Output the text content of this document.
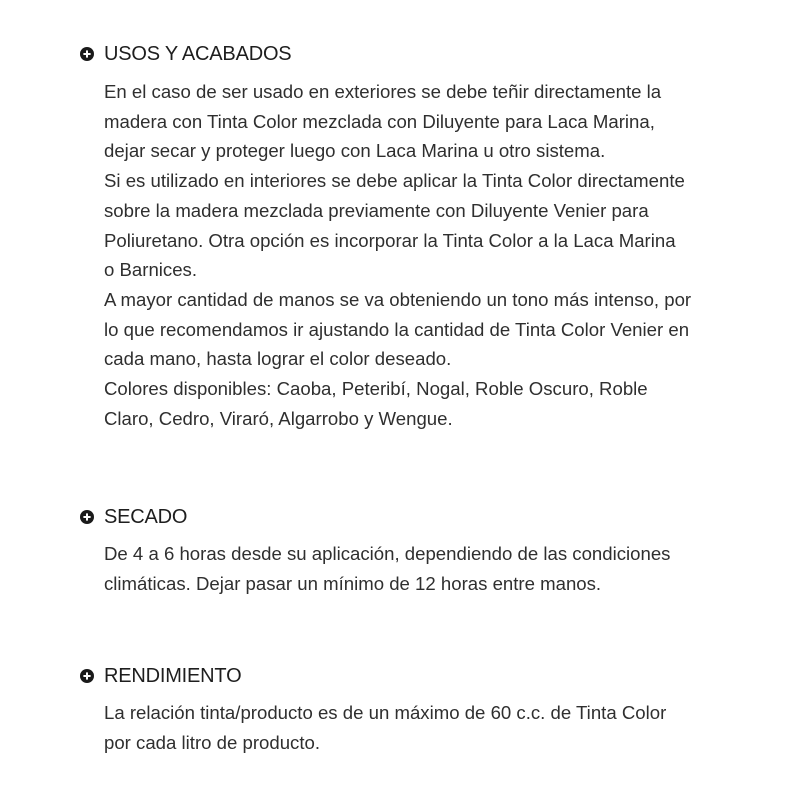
USOS Y ACABADOS

En el caso de ser usado en exteriores se debe teñir directamente la

madera con Tinta Color mezclada con Diluyente para Laca Marina,

dejar secar y proteger luego con Laca Marina u otro sistema.

Si es utilizado en interiores se debe aplicar la Tinta Color directamente

sobre la madera mezclada previamente con Diluyente Venier para

Poliuretano. Otra opción es incorporar la Tinta Color a la Laca Marina

o Barnices.

A mayor cantidad de manos se va obteniendo un tono más intenso, por

lo que recomendamos ir ajustando la cantidad de Tinta Color Venier en

cada mano, hasta lograr el color deseado.

Colores disponibles: Caoba, Peteribí, Nogal, Roble Oscuro, Roble

Claro, Cedro, Viraró, Algarrobo y Wengue.

SECADO

De 4 a 6 horas desde su aplicación, dependiendo de las condiciones

climáticas. Dejar pasar un mínimo de 12 horas entre manos.

RENDIMIENTO

La relación tinta/producto es de un máximo de 60 c.c. de Tinta Color

por cada litro de producto.
